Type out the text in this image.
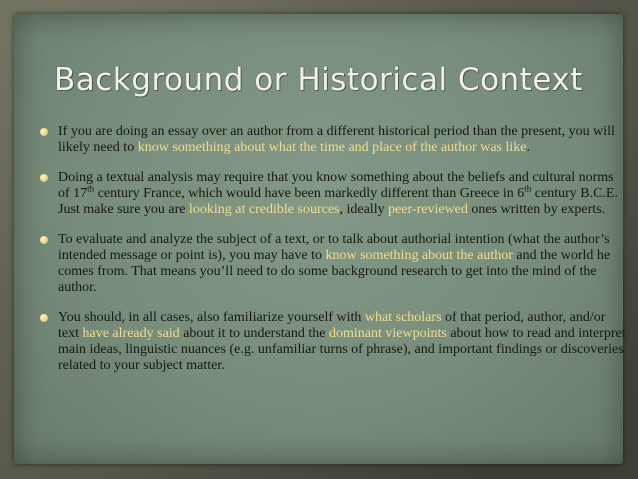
Background or Historical Context
If you are doing an essay over an author from a different historical period than the present, you will likely need to know something about what the time and place of the author was like.
Doing a textual analysis may require that you know something about the beliefs and cultural norms of 17th century France, which would have been markedly different than Greece in 6th century B.C.E. Just make sure you are looking at credible sources, ideally peer-reviewed ones written by experts.
To evaluate and analyze the subject of a text, or to talk about authorial intention (what the author’s intended message or point is), you may have to know something about the author and the world he comes from. That means you’ll need to do some background research to get into the mind of the author.
You should, in all cases, also familiarize yourself with what scholars of that period, author, and/or text have already said about it to understand the dominant viewpoints about how to read and interpret main ideas, linguistic nuances (e.g. unfamiliar turns of phrase), and important findings or discoveries related to your subject matter.
